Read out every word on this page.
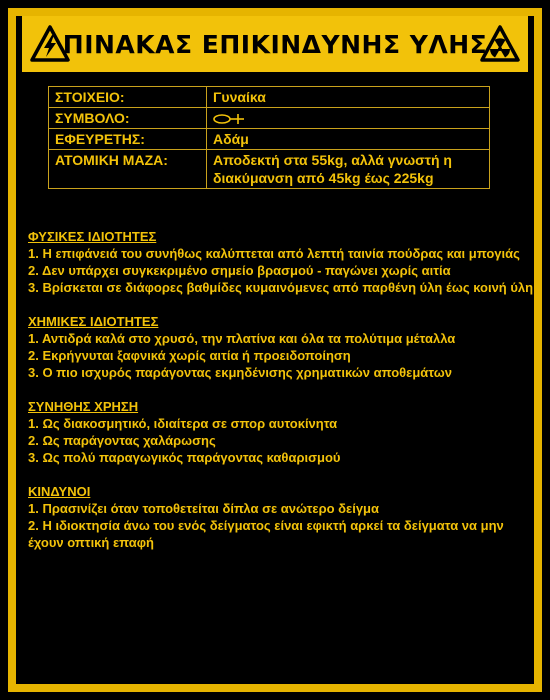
ΠΙΝΑΚΑΣ ΕΠΙΚΙΝΔΥΝΗΣ ΥΛΗΣ
ΣΤΟΙΧΕΙΟ:	Γυναίκα
ΣΥΜΒΟΛΟ:	
ΕΦΕΥΡΕΤΗΣ:	Αδάμ
ΑΤΟΜΙΚΗ ΜΑΖΑ:	Αποδεκτή στα 55kg, αλλά γνωστή η διακύμανση από 45kg έως 225kg
ΦΥΣΙΚΕΣ ΙΔΙΟΤΗΤΕΣ
1. Η επιφάνειά του συνήθως καλύπτεται από λεπτή ταινία πούδρας και μπογιάς
2. Δεν υπάρχει συγκεκριμένο σημείο βρασμού - παγώνει χωρίς αιτία
3. Βρίσκεται σε διάφορες βαθμίδες κυμαινόμενες από παρθένη ύλη έως κοινή ύλη
ΧΗΜΙΚΕΣ ΙΔΙΟΤΗΤΕΣ
1. Αντιδρά καλά στο χρυσό, την πλατίνα και όλα τα πολύτιμα μέταλλα
2. Εκρήγνυται ξαφνικά χωρίς αιτία ή προειδοποίηση
3. Ο πιο ισχυρός παράγοντας εκμηδένισης χρηματικών αποθεμάτων
ΣΥΝΗΘΗΣ ΧΡΗΣΗ
1. Ως διακοσμητικό, ιδιαίτερα σε σπορ αυτοκίνητα
2. Ως παράγοντας χαλάρωσης
3. Ως πολύ παραγωγικός παράγοντας καθαρισμού
ΚΙΝΔΥΝΟΙ
1. Πρασινίζει όταν τοποθετείται δίπλα σε ανώτερο δείγμα
2. Η ιδιοκτησία άνω του ενός δείγματος είναι εφικτή αρκεί τα δείγματα να μην έχουν οπτική επαφή
